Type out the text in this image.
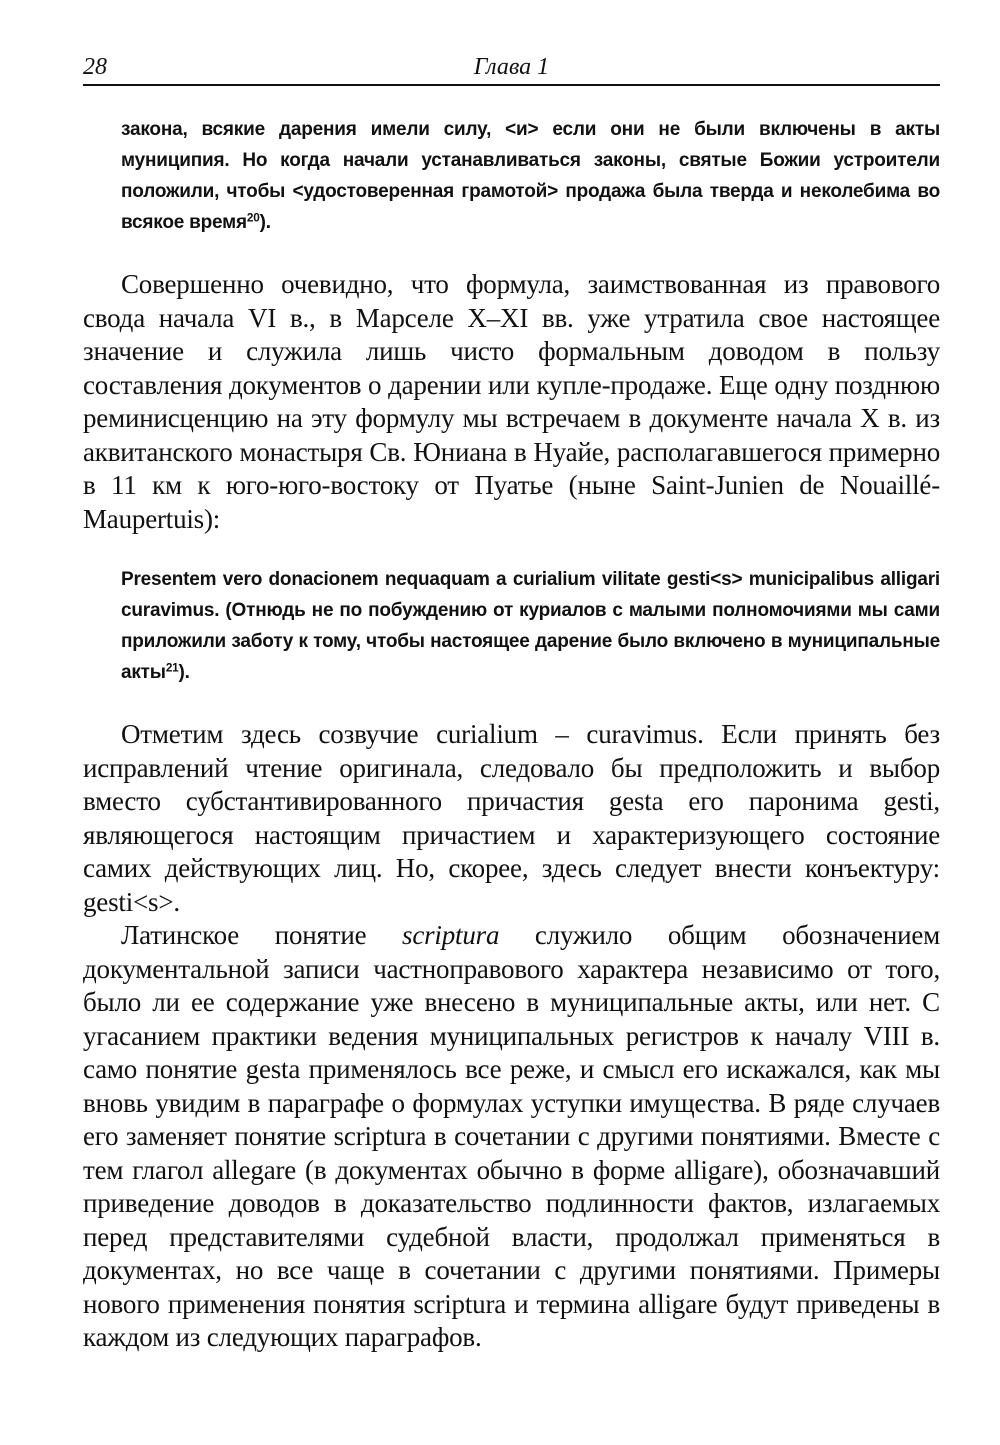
28	Глава 1

закона, всякие дарения имели силу, <и> если они не были включены в акты муниципия. Но когда начали устанавливаться законы, святые Божии устроители положили, чтобы <удостоверенная грамотой> продажа была тверда и неколебима во всякое время$^{20}$).

Совершенно очевидно, что формула, заимствованная из правового свода начала VI в., в Марселе X–XI вв. уже утратила свое настоящее значение и служила лишь чисто формальным доводом в пользу составления документов о дарении или купле-продаже. Еще одну позднюю реминисценцию на эту формулу мы встречаем в документе начала X в. из аквитанского монастыря Св. Юниана в Нуайе, располагавшегося примерно в 11 км к юго-юго-востоку от Пуатье (ныне Saint-Junien de Nouaillé-Maupertuis):

Presentem vero donacionem nequaquam a curialium vilitate gesti<s> municipalibus alligari curavimus. (Отнюдь не по побуждению от куриалов с малыми полномочиями мы сами приложили заботу к тому, чтобы настоящее дарение было включено в муниципальные акты$^{21}$).

Отметим здесь созвучие curialium – curavimus. Если принять без исправлений чтение оригинала, следовало бы предположить и выбор вместо субстантивированного причастия gesta его паронима gesti, являющегося настоящим причастием и характеризующего состояние самих действующих лиц. Но, скорее, здесь следует внести конъектуру: gesti<s>.

Латинское понятие scriptura служило общим обозначением документальной записи частноправового характера независимо от того, было ли ее содержание уже внесено в муниципальные акты, или нет. С угасанием практики ведения муниципальных регистров к началу VIII в. само понятие gesta применялось все реже, и смысл его искажался, как мы вновь увидим в параграфе о формулах уступки имущества. В ряде случаев его заменяет понятие scriptura в сочетании с другими понятиями. Вместе с тем глагол allegare (в документах обычно в форме alligare), обозначавший приведение доводов в доказательство подлинности фактов, излагаемых перед представителями судебной власти, продолжал применяться в документах, но все чаще в сочетании с другими понятиями. Примеры нового применения понятия scriptura и термина alligare будут приведены в каждом из следующих параграфов.
